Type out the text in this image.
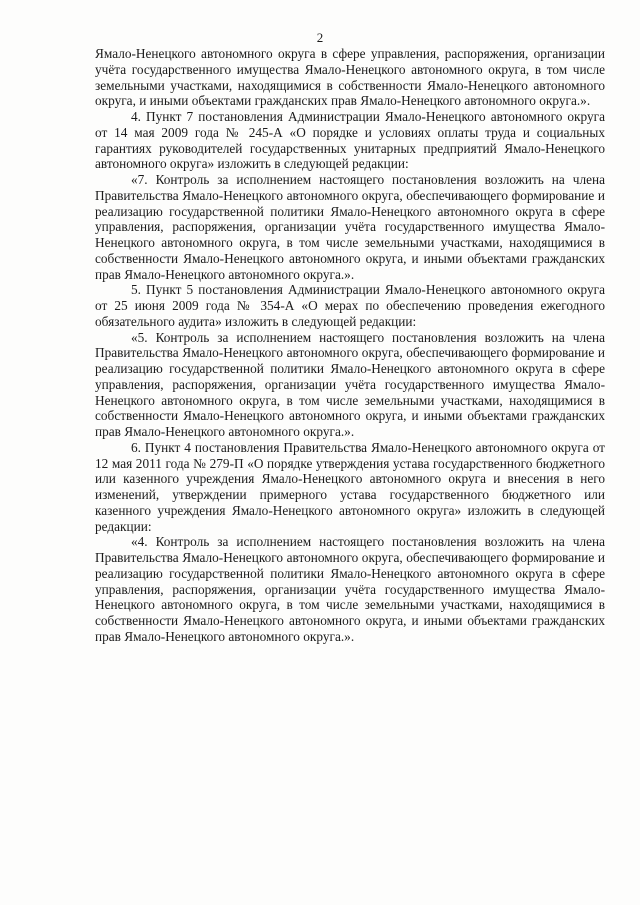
2

Ямало-Ненецкого автономного округа в сфере управления, распоряжения, организации учёта государственного имущества Ямало-Ненецкого автономного округа, в том числе земельными участками, находящимися в собственности Ямало-Ненецкого автономного округа, и иными объектами гражданских прав Ямало-Ненецкого автономного округа.».

4. Пункт 7 постановления Администрации Ямало-Ненецкого автономного округа от 14 мая 2009 года № 245-А «О порядке и условиях оплаты труда и социальных гарантиях руководителей государственных унитарных предприятий Ямало-Ненецкого автономного округа» изложить в следующей редакции:

«7. Контроль за исполнением настоящего постановления возложить на члена Правительства Ямало-Ненецкого автономного округа, обеспечивающего формирование и реализацию государственной политики Ямало-Ненецкого автономного округа в сфере управления, распоряжения, организации учёта государственного имущества Ямало-Ненецкого автономного округа, в том числе земельными участками, находящимися в собственности Ямало-Ненецкого автономного округа, и иными объектами гражданских прав Ямало-Ненецкого автономного округа.».

5. Пункт 5 постановления Администрации Ямало-Ненецкого автономного округа от 25 июня 2009 года № 354-А «О мерах по обеспечению проведения ежегодного обязательного аудита» изложить в следующей редакции:

«5. Контроль за исполнением настоящего постановления возложить на члена Правительства Ямало-Ненецкого автономного округа, обеспечивающего формирование и реализацию государственной политики Ямало-Ненецкого автономного округа в сфере управления, распоряжения, организации учёта государственного имущества Ямало-Ненецкого автономного округа, в том числе земельными участками, находящимися в собственности Ямало-Ненецкого автономного округа, и иными объектами гражданских прав Ямало-Ненецкого автономного округа.».

6. Пункт 4 постановления Правительства Ямало-Ненецкого автономного округа от 12 мая 2011 года № 279-П «О порядке утверждения устава государственного бюджетного или казенного учреждения Ямало-Ненецкого автономного округа и внесения в него изменений, утверждении примерного устава государственного бюджетного или казенного учреждения Ямало-Ненецкого автономного округа» изложить в следующей редакции:

«4. Контроль за исполнением настоящего постановления возложить на члена Правительства Ямало-Ненецкого автономного округа, обеспечивающего формирование и реализацию государственной политики Ямало-Ненецкого автономного округа в сфере управления, распоряжения, организации учёта государственного имущества Ямало-Ненецкого автономного округа, в том числе земельными участками, находящимися в собственности Ямало-Ненецкого автономного округа, и иными объектами гражданских прав Ямало-Ненецкого автономного округа.».
